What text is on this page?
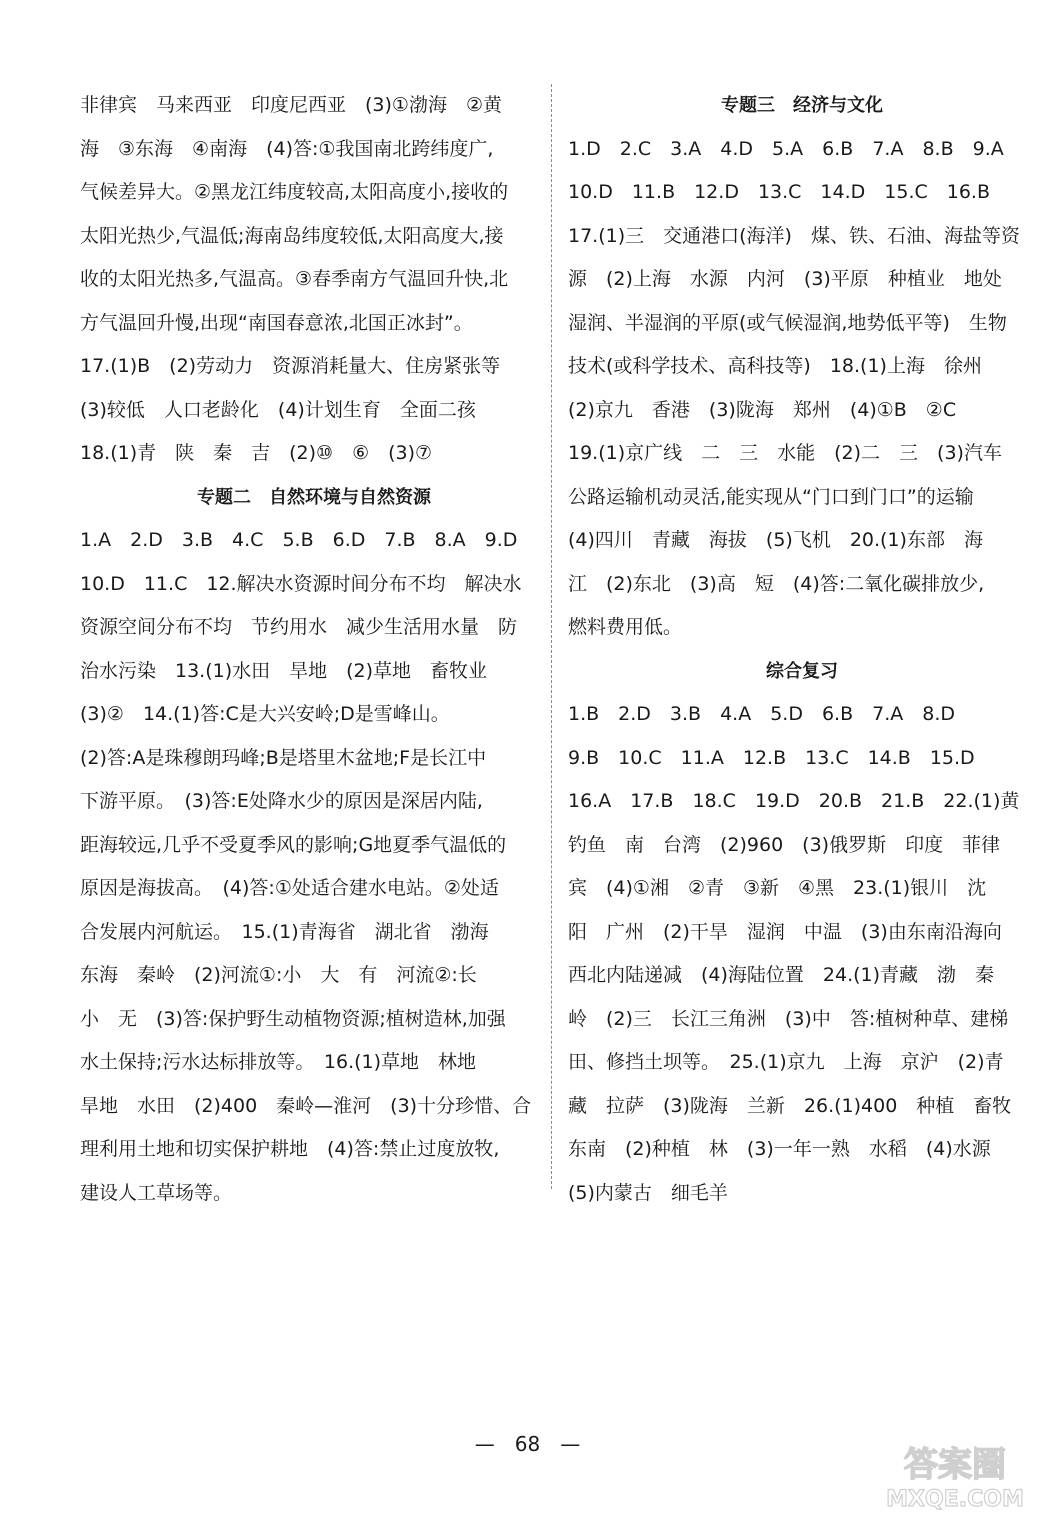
非律宾　马来西亚　印度尼西亚　(3)①渤海　②黄
海　③东海　④南海　(4)答:①我国南北跨纬度广,
气候差异大。②黑龙江纬度较高,太阳高度小,接收的
太阳光热少,气温低;海南岛纬度较低,太阳高度大,接
收的太阳光热多,气温高。③春季南方气温回升快,北
方气温回升慢,出现“南国春意浓,北国正冰封”。
17.(1)B　(2)劳动力　资源消耗量大、住房紧张等
(3)较低　人口老龄化　(4)计划生育　全面二孩
18.(1)青　陕　秦　吉　(2)⑩　⑥　(3)⑦
专题二　自然环境与自然资源
1.A　2.D　3.B　4.C　5.B　6.D　7.B　8.A　9.D
10.D　11.C　12.解决水资源时间分布不均　解决水
资源空间分布不均　节约用水　减少生活用水量　防
治水污染　13.(1)水田　旱地　(2)草地　畜牧业
(3)②　14.(1)答:C是大兴安岭;D是雪峰山。
(2)答:A是珠穆朗玛峰;B是塔里木盆地;F是长江中
下游平原。　(3)答:E处降水少的原因是深居内陆,
距海较远,几乎不受夏季风的影响;G地夏季气温低的
原因是海拔高。　(4)答:①处适合建水电站。②处适
合发展内河航运。　15.(1)青海省　湖北省　渤海
东海　秦岭　(2)河流①:小　大　有　河流②:长
小　无　(3)答:保护野生动植物资源;植树造林,加强
水土保持;污水达标排放等。　16.(1)草地　林地
旱地　水田　(2)400　秦岭—淮河　(3)十分珍惜、合
理利用土地和切实保护耕地　(4)答:禁止过度放牧,
建设人工草场等。
专题三　经济与文化
1.D　2.C　3.A　4.D　5.A　6.B　7.A　8.B　9.A
10.D　11.B　12.D　13.C　14.D　15.C　16.B
17.(1)三　交通港口(海洋)　煤、铁、石油、海盐等资
源　(2)上海　水源　内河　(3)平原　种植业　地处
湿润、半湿润的平原(或气候湿润,地势低平等)　生物
技术(或科学技术、高科技等)　18.(1)上海　徐州
(2)京九　香港　(3)陇海　郑州　(4)①B　②C
19.(1)京广线　二　三　水能　(2)二　三　(3)汽车
公路运输机动灵活,能实现从“门口到门口”的运输
(4)四川　青藏　海拔　(5)飞机　20.(1)东部　海
江　(2)东北　(3)高　短　(4)答:二氧化碳排放少,
燃料费用低。
综合复习
1.B　2.D　3.B　4.A　5.D　6.B　7.A　8.D
9.B　10.C　11.A　12.B　13.C　14.B　15.D
16.A　17.B　18.C　19.D　20.B　21.B　22.(1)黄
钓鱼　南　台湾　(2)960　(3)俄罗斯　印度　菲律
宾　(4)①湘　②青　③新　④黑　23.(1)银川　沈
阳　广州　(2)干旱　湿润　中温　(3)由东南沿海向
西北内陆递减　(4)海陆位置　24.(1)青藏　渤　秦
岭　(2)三　长江三角洲　(3)中　答:植树种草、建梯
田、修挡土坝等。　25.(1)京九　上海　京沪　(2)青
藏　拉萨　(3)陇海　兰新　26.(1)400　种植　畜牧
东南　(2)种植　林　(3)一年一熟　水稻　(4)水源
(5)内蒙古　细毛羊
—　68　—
答案圈
MXQE.COM
